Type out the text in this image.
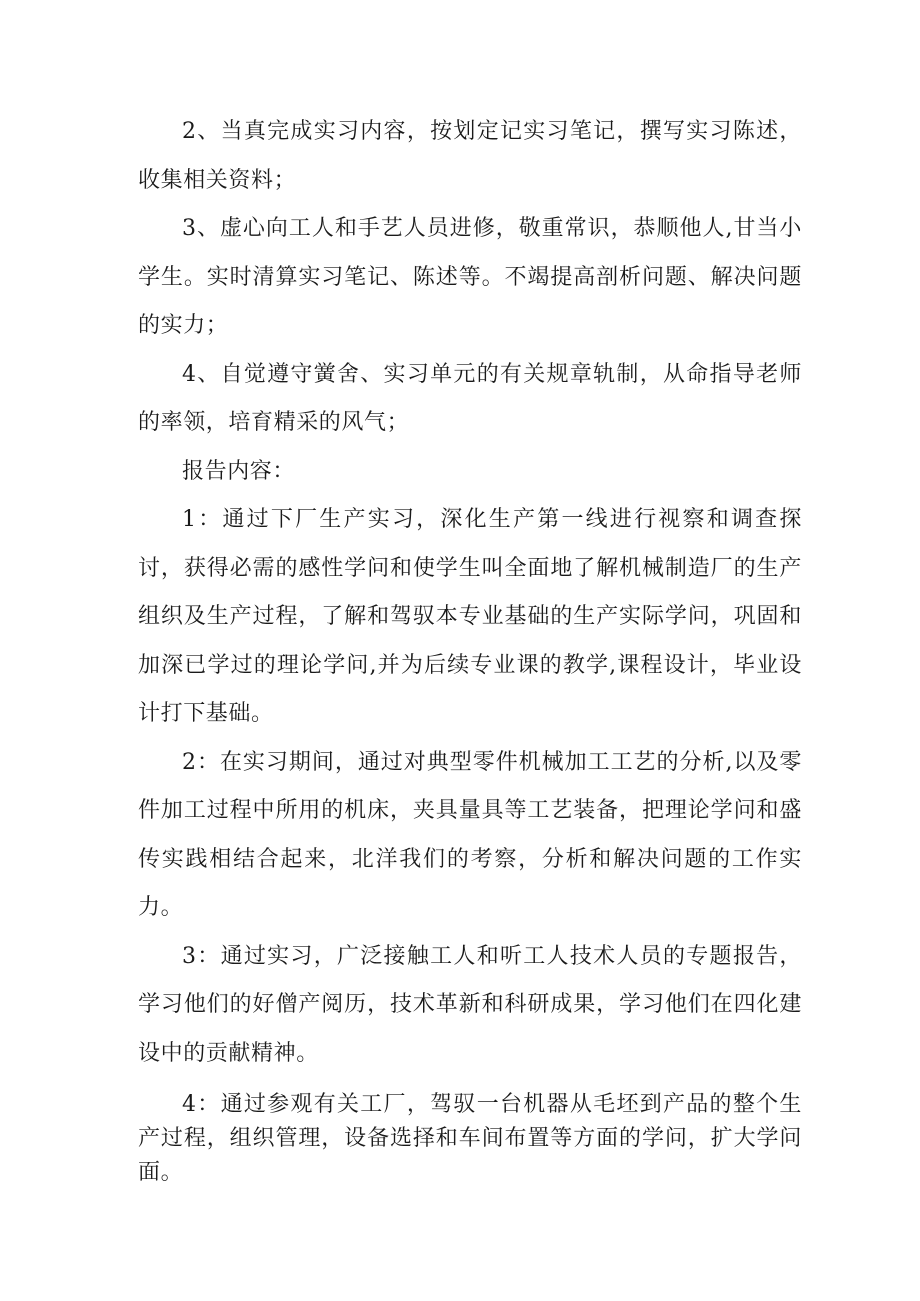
2、当真完成实习内容，按划定记实习笔记，撰写实习陈述，收集相关资料；

3、虚心向工人和手艺人员进修，敬重常识，恭顺他人,甘当小学生。实时清算实习笔记、陈述等。不竭提高剖析问题、解决问题的实力；

4、自觉遵守黉舍、实习单元的有关规章轨制，从命指导老师的率领，培育精采的风气；

报告内容：

1：通过下厂生产实习，深化生产第一线进行视察和调查探讨，获得必需的感性学问和使学生叫全面地了解机械制造厂的生产组织及生产过程，了解和驾驭本专业基础的生产实际学问，巩固和加深已学过的理论学问,并为后续专业课的教学,课程设计，毕业设计打下基础。

2：在实习期间，通过对典型零件机械加工工艺的分析,以及零件加工过程中所用的机床，夹具量具等工艺装备，把理论学问和盛传实践相结合起来，北洋我们的考察，分析和解决问题的工作实力。

3：通过实习，广泛接触工人和听工人技术人员的专题报告，学习他们的好僧产阅历，技术革新和科研成果，学习他们在四化建设中的贡献精神。

4：通过参观有关工厂，驾驭一台机器从毛坯到产品的整个生产过程，组织管理，设备选择和车间布置等方面的学问，扩大学问面。
